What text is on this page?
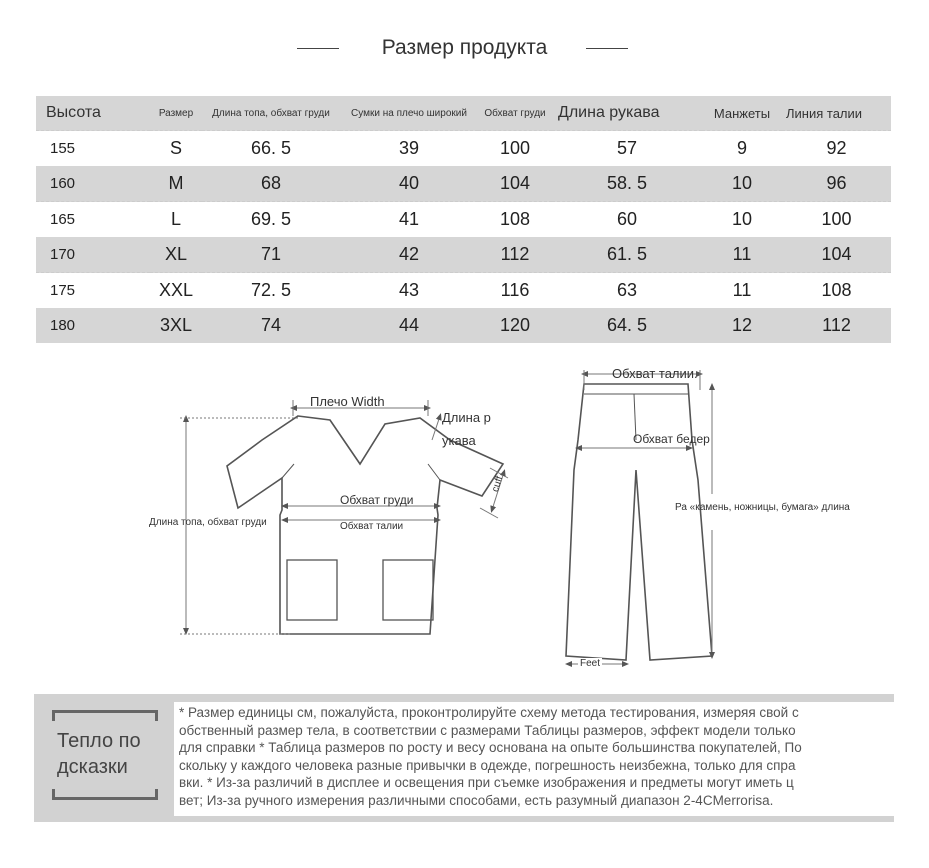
Размер продукта
Высота	Размер	Длина топа, обхват груди	Сумки на плечо широкий	Обхват груди	Длина рукава	Манжеты	Линия талии
155	S	66. 5	39	100	57	9	92
160	M	68	40	104	58. 5	10	96
165	L	69. 5	41	108	60	10	100
170	XL	71	42	112	61. 5	11	104
175	XXL	72. 5	43	116	63	11	108
180	3XL	74	44	120	64. 5	12	112
Плечо Width
Длина р
укава
Обхват груди
Обхват талии
cuff
Длина топа, обхват груди
Обхват талии.
Обхват бедер
Ра «камень, ножницы, бумага» длина
Feet
Тепло по
дсказки
* Размер единицы см, пожалуйста, проконтролируйте схему метода тестирования, измеряя свой с
обственный размер тела, в соответствии с размерами Таблицы размеров, эффект модели только
для справки * Таблица размеров по росту и весу основана на опыте большинства покупателей, По
скольку у каждого человека разные привычки в одежде, погрешность неизбежна, только для спра
вки. * Из-за различий в дисплее и освещения при съемке изображения и предметы могут иметь ц
вет; Из-за ручного измерения различными способами, есть разумный диапазон 2-4CMerrorisa.
